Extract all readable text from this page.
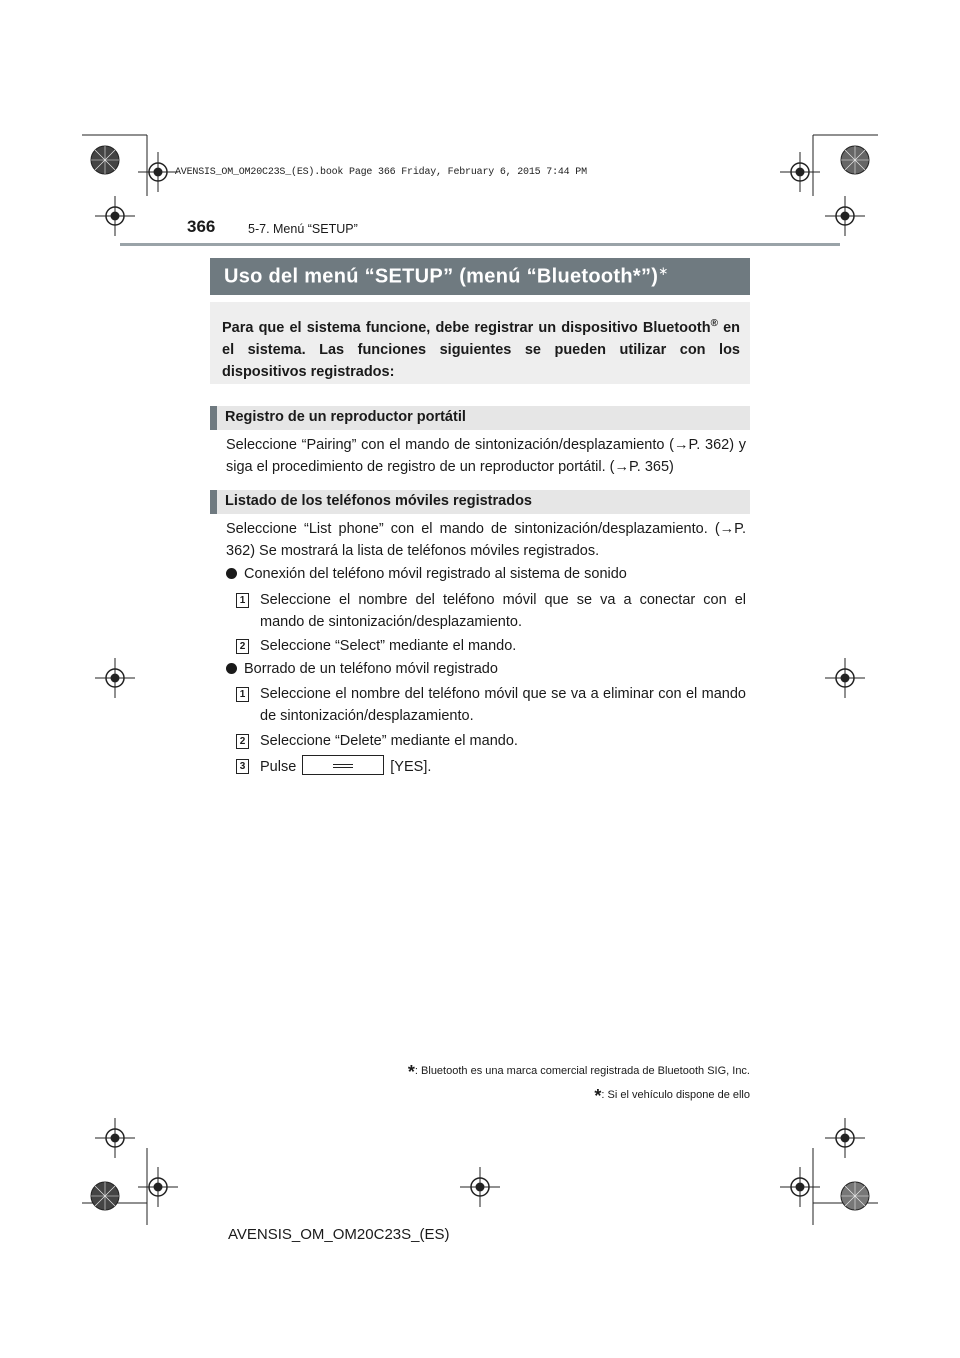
AVENSIS_OM_OM20C23S_(ES).book Page 366 Friday, February 6, 2015 7:44 PM
366	5-7. Menú “SETUP”
Uso del menú “SETUP” (menú “Bluetooth*”)∗
Para que el sistema funcione, debe registrar un dispositivo Bluetooth® en el sistema. Las funciones siguientes se pueden utilizar con los dispositivos registrados:
Registro de un reproductor portátil
Seleccione “Pairing” con el mando de sintonización/desplazamiento (→P. 362) y siga el procedimiento de registro de un reproductor portátil. (→P. 365)
Listado de los teléfonos móviles registrados
Seleccione “List phone” con el mando de sintonización/desplazamiento. (→P. 362) Se mostrará la lista de teléfonos móviles registrados.
Conexión del teléfono móvil registrado al sistema de sonido
1 Seleccione el nombre del teléfono móvil que se va a conectar con el mando de sintonización/desplazamiento.
2 Seleccione “Select” mediante el mando.
Borrado de un teléfono móvil registrado
1 Seleccione el nombre del teléfono móvil que se va a eliminar con el mando de sintonización/desplazamiento.
2 Seleccione “Delete” mediante el mando.
3 Pulse	[YES].
*: Bluetooth es una marca comercial registrada de Bluetooth SIG, Inc.
*: Si el vehículo dispone de ello
AVENSIS_OM_OM20C23S_(ES)
